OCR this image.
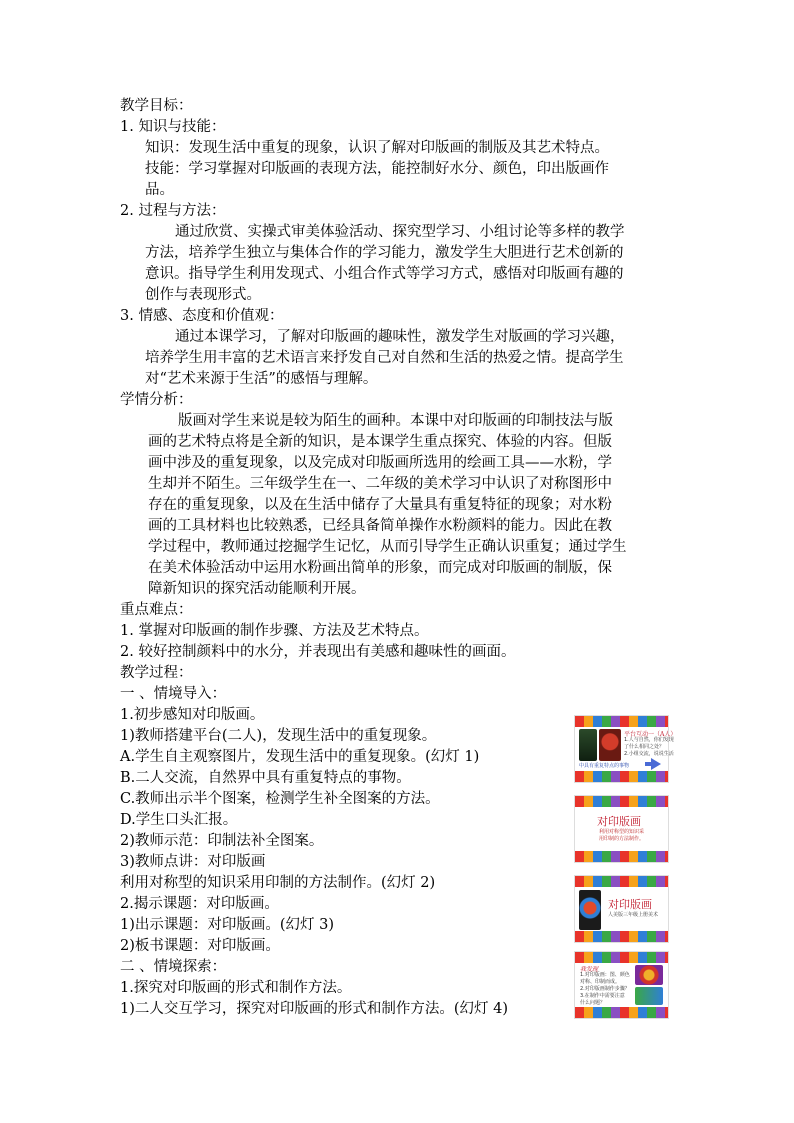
教学目标：
1. 知识与技能：
知识：发现生活中重复的现象，认识了解对印版画的制版及其艺术特点。
技能：学习掌握对印版画的表现方法，能控制好水分、颜色，印出版画作
品。
2. 过程与方法：
通过欣赏、实操式审美体验活动、探究型学习、小组讨论等多样的教学
方法，培养学生独立与集体合作的学习能力，激发学生大胆进行艺术创新的
意识。指导学生利用发现式、小组合作式等学习方式，感悟对印版画有趣的
创作与表现形式。
3. 情感、态度和价值观：
通过本课学习，了解对印版画的趣味性，激发学生对版画的学习兴趣，
培养学生用丰富的艺术语言来抒发自己对自然和生活的热爱之情。提高学生
对“艺术来源于生活”的感悟与理解。
学情分析：
版画对学生来说是较为陌生的画种。本课中对印版画的印制技法与版
画的艺术特点将是全新的知识，是本课学生重点探究、体验的内容。但版
画中涉及的重复现象，以及完成对印版画所选用的绘画工具——水粉，学
生却并不陌生。三年级学生在一、二年级的美术学习中认识了对称图形中
存在的重复现象，以及在生活中储存了大量具有重复特征的现象；对水粉
画的工具材料也比较熟悉，已经具备简单操作水粉颜料的能力。因此在教
学过程中，教师通过挖掘学生记忆，从而引导学生正确认识重复；通过学生
在美术体验活动中运用水粉画出简单的形象，而完成对印版画的制版，保
障新知识的探究活动能顺利开展。
重点难点：
1. 掌握对印版画的制作步骤、方法及艺术特点。
2. 较好控制颜料中的水分，并表现出有美感和趣味性的画面。
教学过程：
一 、情境导入：
1.初步感知对印版画。
1)教师搭建平台(二人)，发现生活中的重复现象。
A.学生自主观察图片，发现生活中的重复现象。(幻灯 1)
B.二人交流，自然界中具有重复特点的事物。
C.教师出示半个图案，检测学生补全图案的方法。
D.学生口头汇报。
2)教师示范：印制法补全图案。
3)教师点讲：对印版画
利用对称型的知识采用印制的方法制作。(幻灯 2)
2.揭示课题：对印版画。
1)出示课题：对印版画。(幻灯 3)
2)板书课题：对印版画。
二 、情境探索：
1.探究对印版画的形式和制作方法。
1)二人交互学习，探究对印版画的形式和制作方法。(幻灯 4)
平台互动一（A人）
1.人与自然，你们发现
了什么相同之处？
2.小组交流，说说生活
中具有重复特点的事物
对印版画
利用对称型的知识采
用印制的方法制作。
对印版画
人美版三年级上册美术
我发现
1.对印版画：图、颜色
对称、印制而成。
2.对印版画制作步骤？
3.在制作中需要注意
什么问题？
